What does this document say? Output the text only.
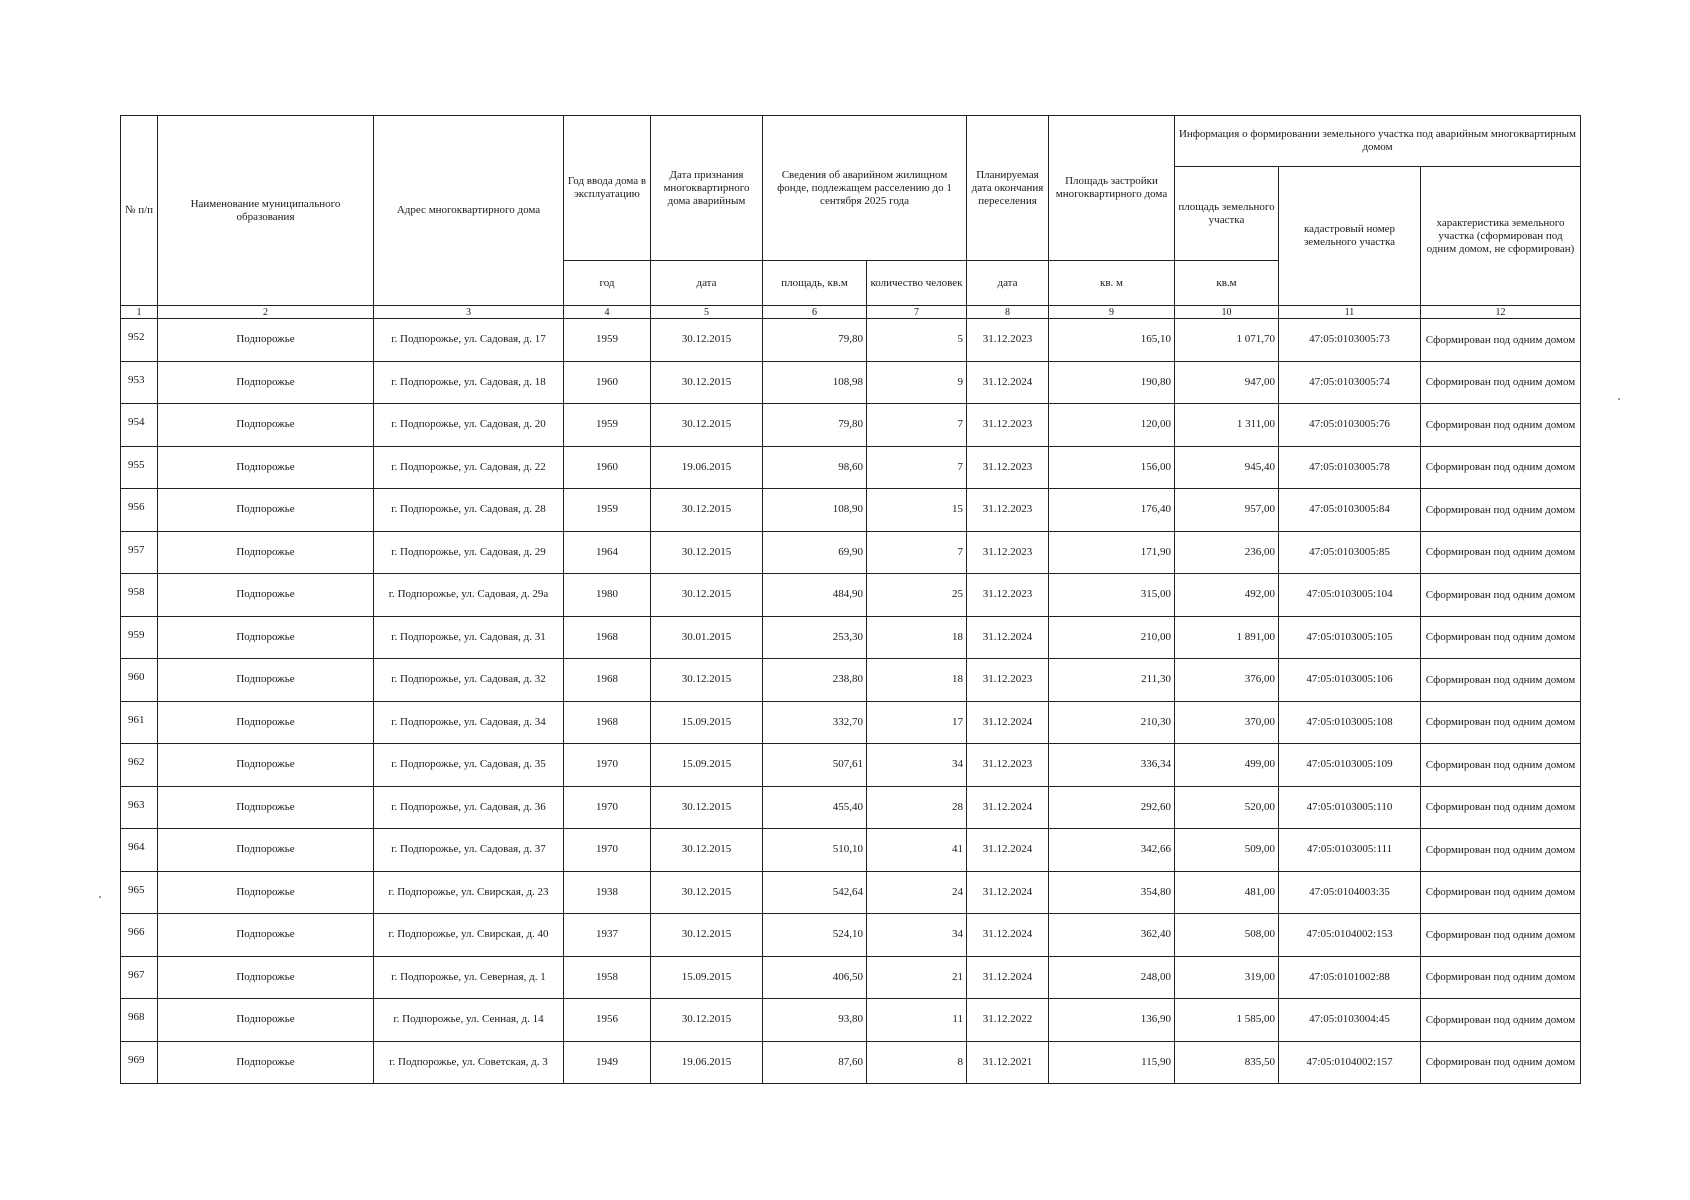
№ п/п	Наименование муниципального образования	Адрес многоквартирного дома	Год ввода дома в эксплуатацию	Дата признания многоквартирного дома аварийным	Сведения об аварийном жилищном фонде, подлежащем расселению до 1 сентября 2025 года		Планируемая дата окончания переселения	Площадь застройки многоквартирного дома	Информация о формировании земельного участка под аварийным многоквартирным домом		
									площадь земельного участка	кадастровый номер земельного участка	характеристика земельного участка (сформирован под одним домом, не сформирован)
			год	дата	площадь, кв.м	количество человек	дата	кв. м	кв.м		
1	2	3	4	5	6	7	8	9	10	11	12
952	Подпорожье	г. Подпорожье, ул. Садовая, д. 17	1959	30.12.2015	79,80	5	31.12.2023	165,10	1 071,70	47:05:0103005:73	Сформирован под одним домом
953	Подпорожье	г. Подпорожье, ул. Садовая, д. 18	1960	30.12.2015	108,98	9	31.12.2024	190,80	947,00	47:05:0103005:74	Сформирован под одним домом
954	Подпорожье	г. Подпорожье, ул. Садовая, д. 20	1959	30.12.2015	79,80	7	31.12.2023	120,00	1 311,00	47:05:0103005:76	Сформирован под одним домом
955	Подпорожье	г. Подпорожье, ул. Садовая, д. 22	1960	19.06.2015	98,60	7	31.12.2023	156,00	945,40	47:05:0103005:78	Сформирован под одним домом
956	Подпорожье	г. Подпорожье, ул. Садовая, д. 28	1959	30.12.2015	108,90	15	31.12.2023	176,40	957,00	47:05:0103005:84	Сформирован под одним домом
957	Подпорожье	г. Подпорожье, ул. Садовая, д. 29	1964	30.12.2015	69,90	7	31.12.2023	171,90	236,00	47:05:0103005:85	Сформирован под одним домом
958	Подпорожье	г. Подпорожье, ул. Садовая, д. 29а	1980	30.12.2015	484,90	25	31.12.2023	315,00	492,00	47:05:0103005:104	Сформирован под одним домом
959	Подпорожье	г. Подпорожье, ул. Садовая, д. 31	1968	30.01.2015	253,30	18	31.12.2024	210,00	1 891,00	47:05:0103005:105	Сформирован под одним домом
960	Подпорожье	г. Подпорожье, ул. Садовая, д. 32	1968	30.12.2015	238,80	18	31.12.2023	211,30	376,00	47:05:0103005:106	Сформирован под одним домом
961	Подпорожье	г. Подпорожье, ул. Садовая, д. 34	1968	15.09.2015	332,70	17	31.12.2024	210,30	370,00	47:05:0103005:108	Сформирован под одним домом
962	Подпорожье	г. Подпорожье, ул. Садовая, д. 35	1970	15.09.2015	507,61	34	31.12.2023	336,34	499,00	47:05:0103005:109	Сформирован под одним домом
963	Подпорожье	г. Подпорожье, ул. Садовая, д. 36	1970	30.12.2015	455,40	28	31.12.2024	292,60	520,00	47:05:0103005:110	Сформирован под одним домом
964	Подпорожье	г. Подпорожье, ул. Садовая, д. 37	1970	30.12.2015	510,10	41	31.12.2024	342,66	509,00	47:05:0103005:111	Сформирован под одним домом
965	Подпорожье	г. Подпорожье, ул. Свирская, д. 23	1938	30.12.2015	542,64	24	31.12.2024	354,80	481,00	47:05:0104003:35	Сформирован под одним домом
966	Подпорожье	г. Подпорожье, ул. Свирская, д. 40	1937	30.12.2015	524,10	34	31.12.2024	362,40	508,00	47:05:0104002:153	Сформирован под одним домом
967	Подпорожье	г. Подпорожье, ул. Северная, д. 1	1958	15.09.2015	406,50	21	31.12.2024	248,00	319,00	47:05:0101002:88	Сформирован под одним домом
968	Подпорожье	г. Подпорожье, ул. Сенная, д. 14	1956	30.12.2015	93,80	11	31.12.2022	136,90	1 585,00	47:05:0103004:45	Сформирован под одним домом
969	Подпорожье	г. Подпорожье, ул. Советская, д. 3	1949	19.06.2015	87,60	8	31.12.2021	115,90	835,50	47:05:0104002:157	Сформирован под одним домом
